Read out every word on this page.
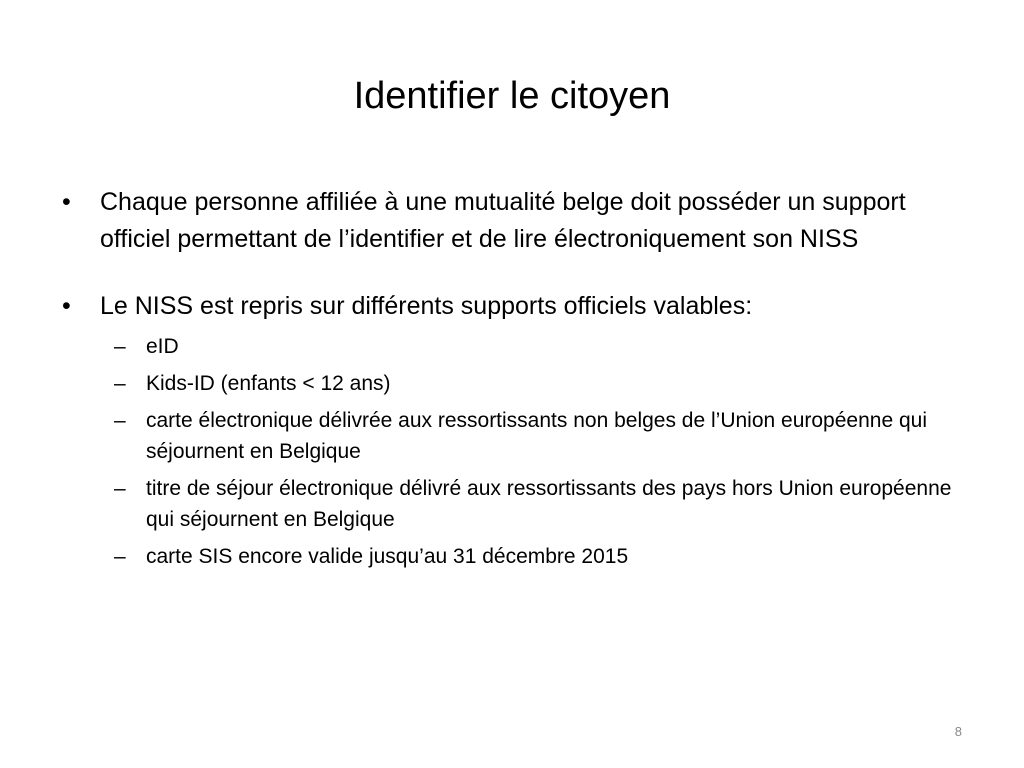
Identifier le citoyen
•	Chaque personne affiliée à une mutualité belge doit posséder un support officiel permettant de l’identifier et de lire électroniquement son NISS
•	Le NISS est repris sur différents supports officiels valables:
– eID
– Kids-ID (enfants < 12 ans)
– carte électronique délivrée aux ressortissants non belges de l’Union européenne qui séjournent en Belgique
– titre de séjour électronique délivré aux ressortissants des pays hors Union européenne qui séjournent en Belgique
– carte SIS encore valide jusqu’au 31 décembre 2015
8
